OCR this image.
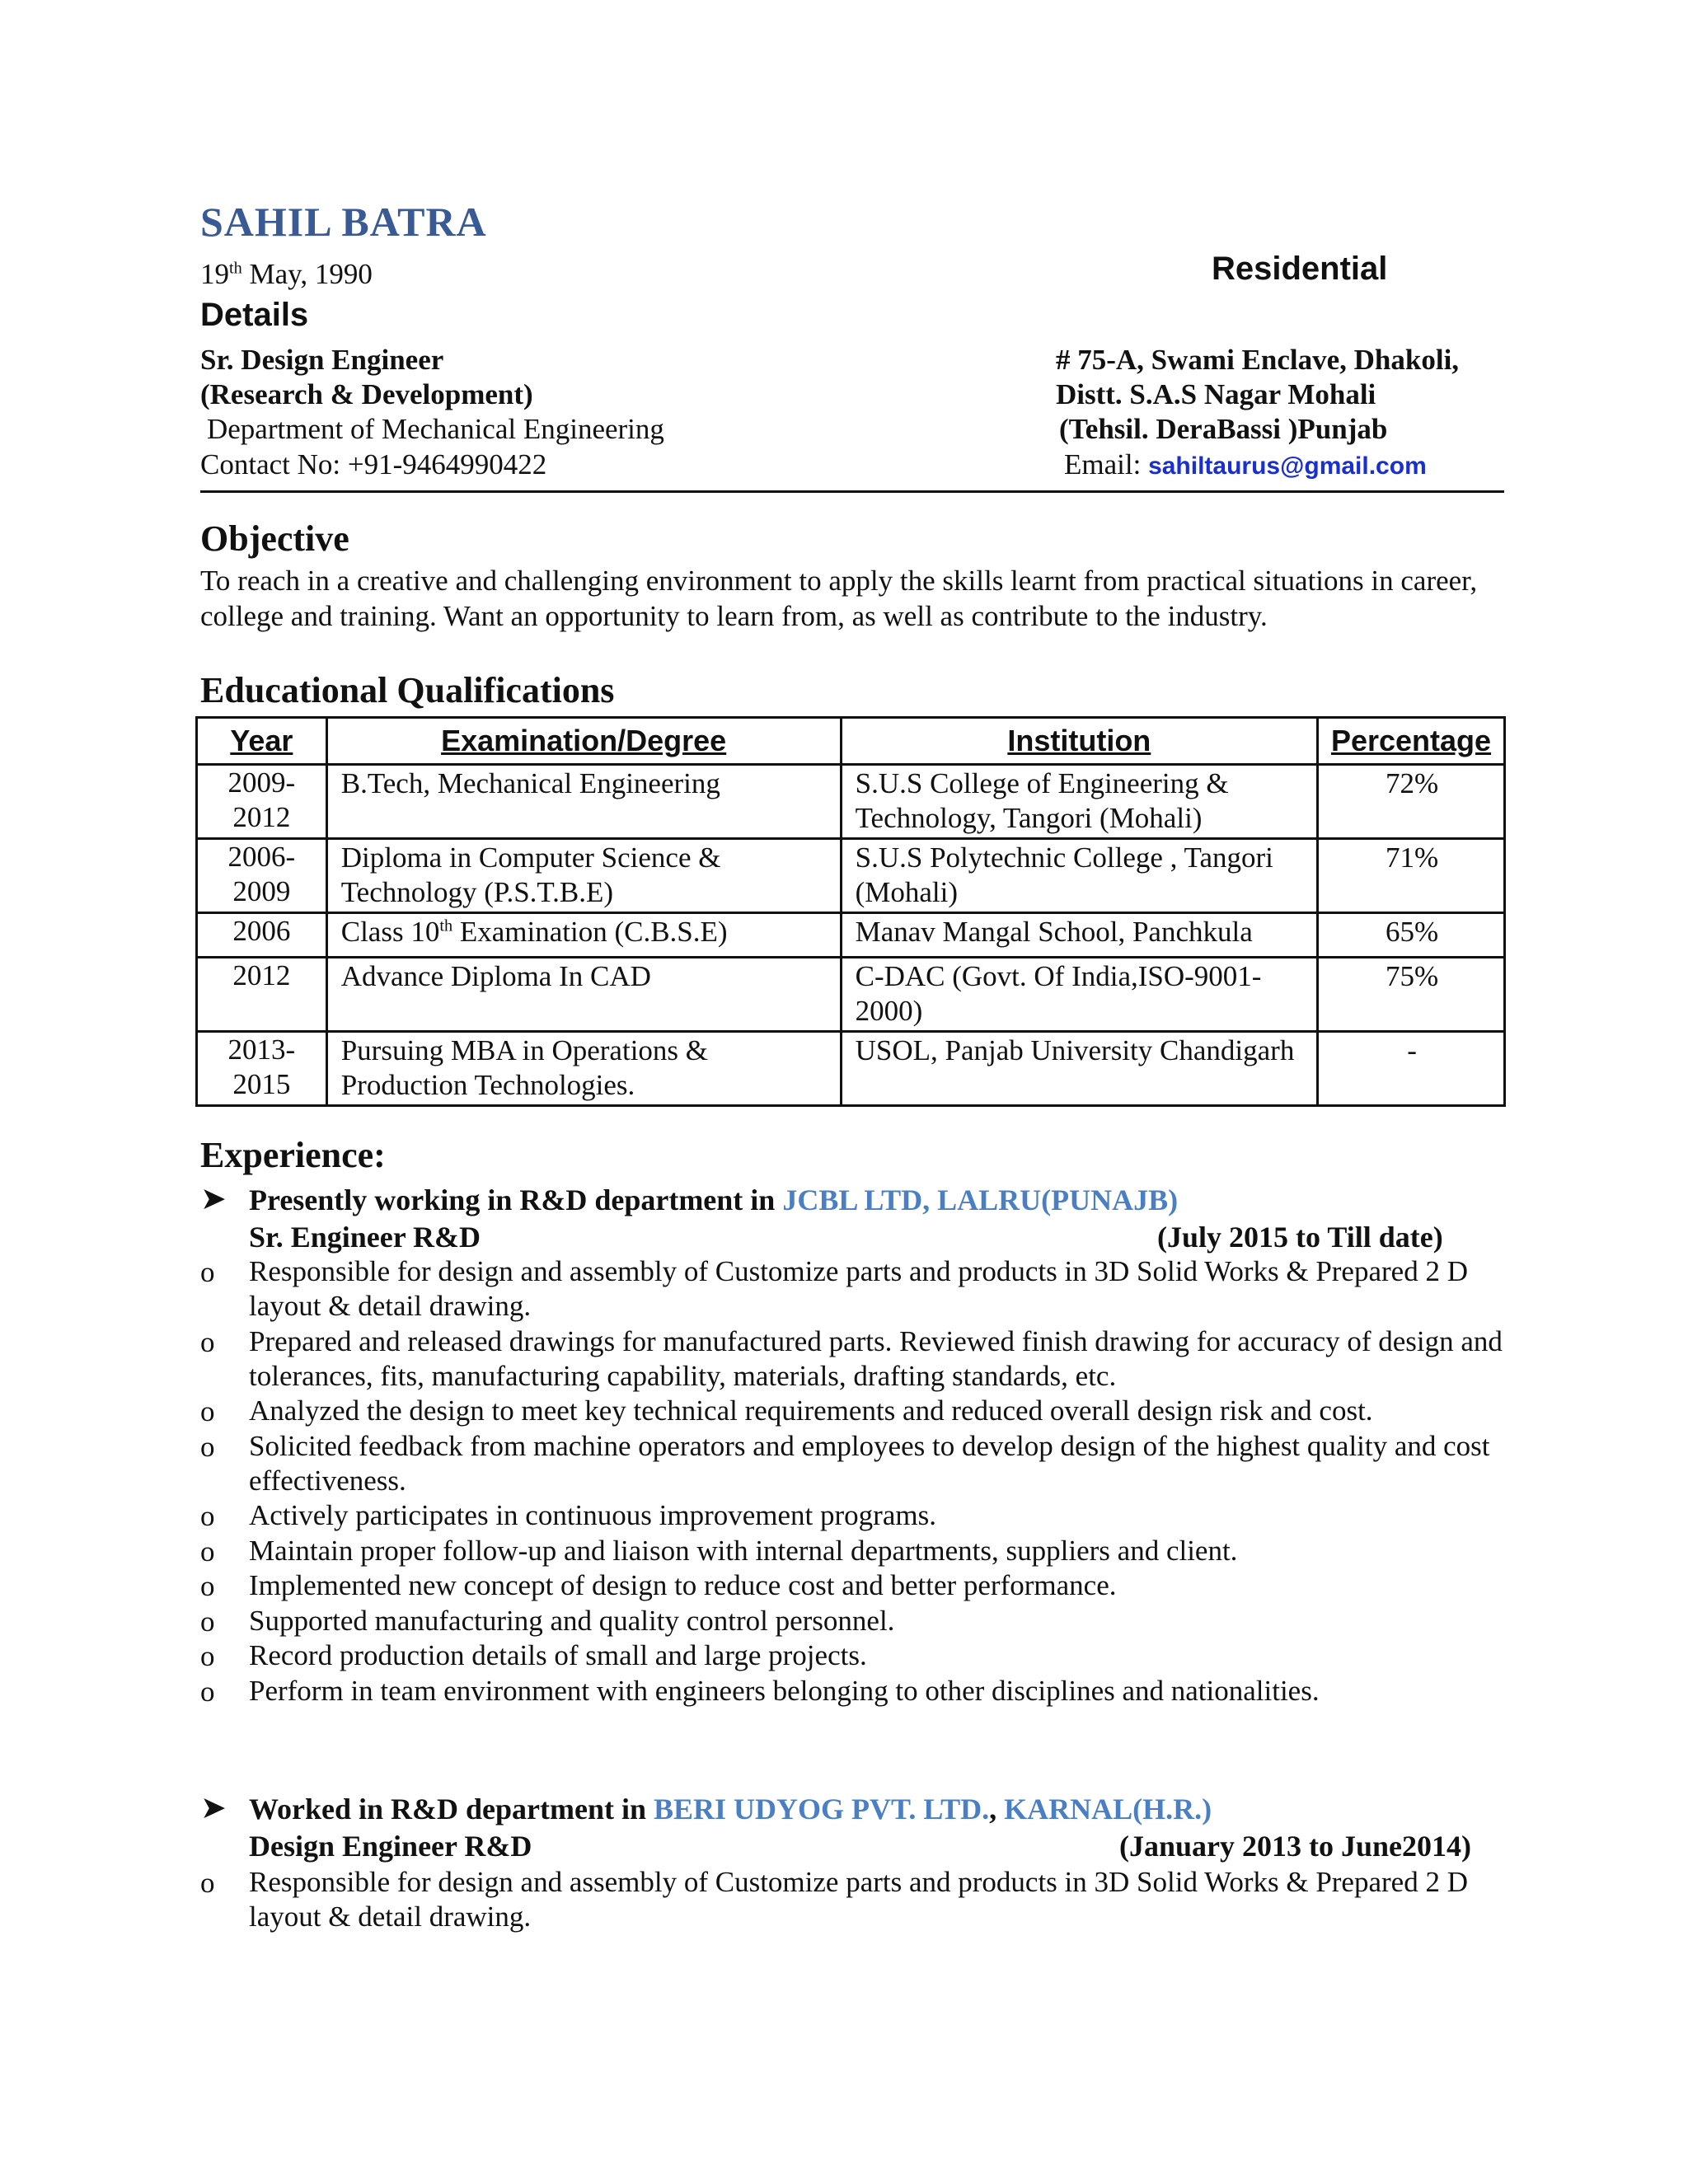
SAHIL BATRA
19th May, 1990	Residential
Details
Sr. Design Engineer
(Research & Development)
Department of Mechanical Engineering
Contact No: +91-9464990422
# 75-A, Swami Enclave, Dhakoli,
Distt. S.A.S Nagar Mohali
(Tehsil. DeraBassi )Punjab
Email: sahiltaurus@gmail.com
Objective
To reach in a creative and challenging environment to apply the skills learnt from practical situations in career, college and training. Want an opportunity to learn from, as well as contribute to the industry.
Educational Qualifications
Year	Examination/Degree	Institution	Percentage
2009-2012	B.Tech, Mechanical Engineering	S.U.S College of Engineering & Technology, Tangori (Mohali)	72%
2006-2009	Diploma in Computer Science & Technology (P.S.T.B.E)	S.U.S Polytechnic College , Tangori (Mohali)	71%
2006	Class 10th Examination (C.B.S.E)	Manav Mangal School, Panchkula	65%
2012	Advance Diploma In CAD	C-DAC (Govt. Of India,ISO-9001-2000)	75%
2013-2015	Pursuing MBA in Operations & Production Technologies.	USOL, Panjab University Chandigarh	-
Experience:
➤ Presently working in R&D department in JCBL LTD, LALRU(PUNAJB)
Sr. Engineer R&D	(July 2015 to Till date)
o Responsible for design and assembly of Customize parts and products in 3D Solid Works & Prepared 2 D layout & detail drawing.
o Prepared and released drawings for manufactured parts. Reviewed finish drawing for accuracy of design and tolerances, fits, manufacturing capability, materials, drafting standards, etc.
o Analyzed the design to meet key technical requirements and reduced overall design risk and cost.
o Solicited feedback from machine operators and employees to develop design of the highest quality and cost effectiveness.
o Actively participates in continuous improvement programs.
o Maintain proper follow-up and liaison with internal departments, suppliers and client.
o Implemented new concept of design to reduce cost and better performance.
o Supported manufacturing and quality control personnel.
o Record production details of small and large projects.
o Perform in team environment with engineers belonging to other disciplines and nationalities.
➤ Worked in R&D department in BERI UDYOG PVT. LTD., KARNAL(H.R.)
Design Engineer R&D	(January 2013 to June2014)
o Responsible for design and assembly of Customize parts and products in 3D Solid Works & Prepared 2 D layout & detail drawing.
